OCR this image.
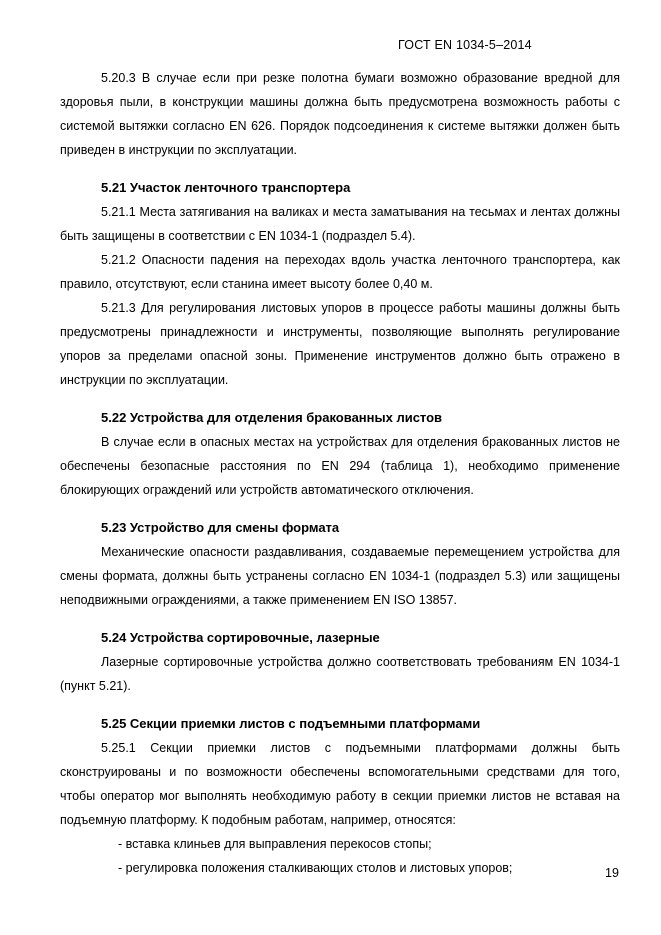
ГОСТ EN 1034-5–2014

5.20.3 В случае если при резке полотна бумаги возможно образование вредной для здоровья пыли, в конструкции машины должна быть предусмотрена возможность работы с системой вытяжки согласно EN 626. Порядок подсоединения к системе вытяжки должен быть приведен в инструкции по эксплуатации.

5.21 Участок ленточного транспортера

5.21.1 Места затягивания на валиках и места заматывания на тесьмах и лентах должны быть защищены в соответствии с EN 1034-1 (подраздел 5.4).

5.21.2 Опасности падения на переходах вдоль участка ленточного транспортера, как правило, отсутствуют, если станина имеет высоту более 0,40 м.

5.21.3 Для регулирования листовых упоров в процессе работы машины должны быть предусмотрены принадлежности и инструменты, позволяющие выполнять регулирование упоров за пределами опасной зоны. Применение инструментов должно быть отражено в инструкции по эксплуатации.

5.22 Устройства для отделения бракованных листов

В случае если в опасных местах на устройствах для отделения бракованных листов не обеспечены безопасные расстояния по EN 294 (таблица 1), необходимо применение блокирующих ограждений или устройств автоматического отключения.

5.23 Устройство для смены формата

Механические опасности раздавливания, создаваемые перемещением устройства для смены формата, должны быть устранены согласно EN 1034-1 (подраздел 5.3) или защищены неподвижными ограждениями, а также применением EN ISO 13857.

5.24 Устройства сортировочные, лазерные

Лазерные сортировочные устройства должно соответствовать требованиям EN 1034-1 (пункт 5.21).

5.25 Секции приемки листов с подъемными платформами

5.25.1 Секции приемки листов с подъемными платформами должны быть сконструированы и по возможности обеспечены вспомогательными средствами для того, чтобы оператор мог выполнять необходимую работу в секции приемки листов не вставая на подъемную платформу. К подобным работам, например, относятся:

- вставка клиньев для выправления перекосов стопы;
- регулировка положения сталкивающих столов и листовых упоров;	19
